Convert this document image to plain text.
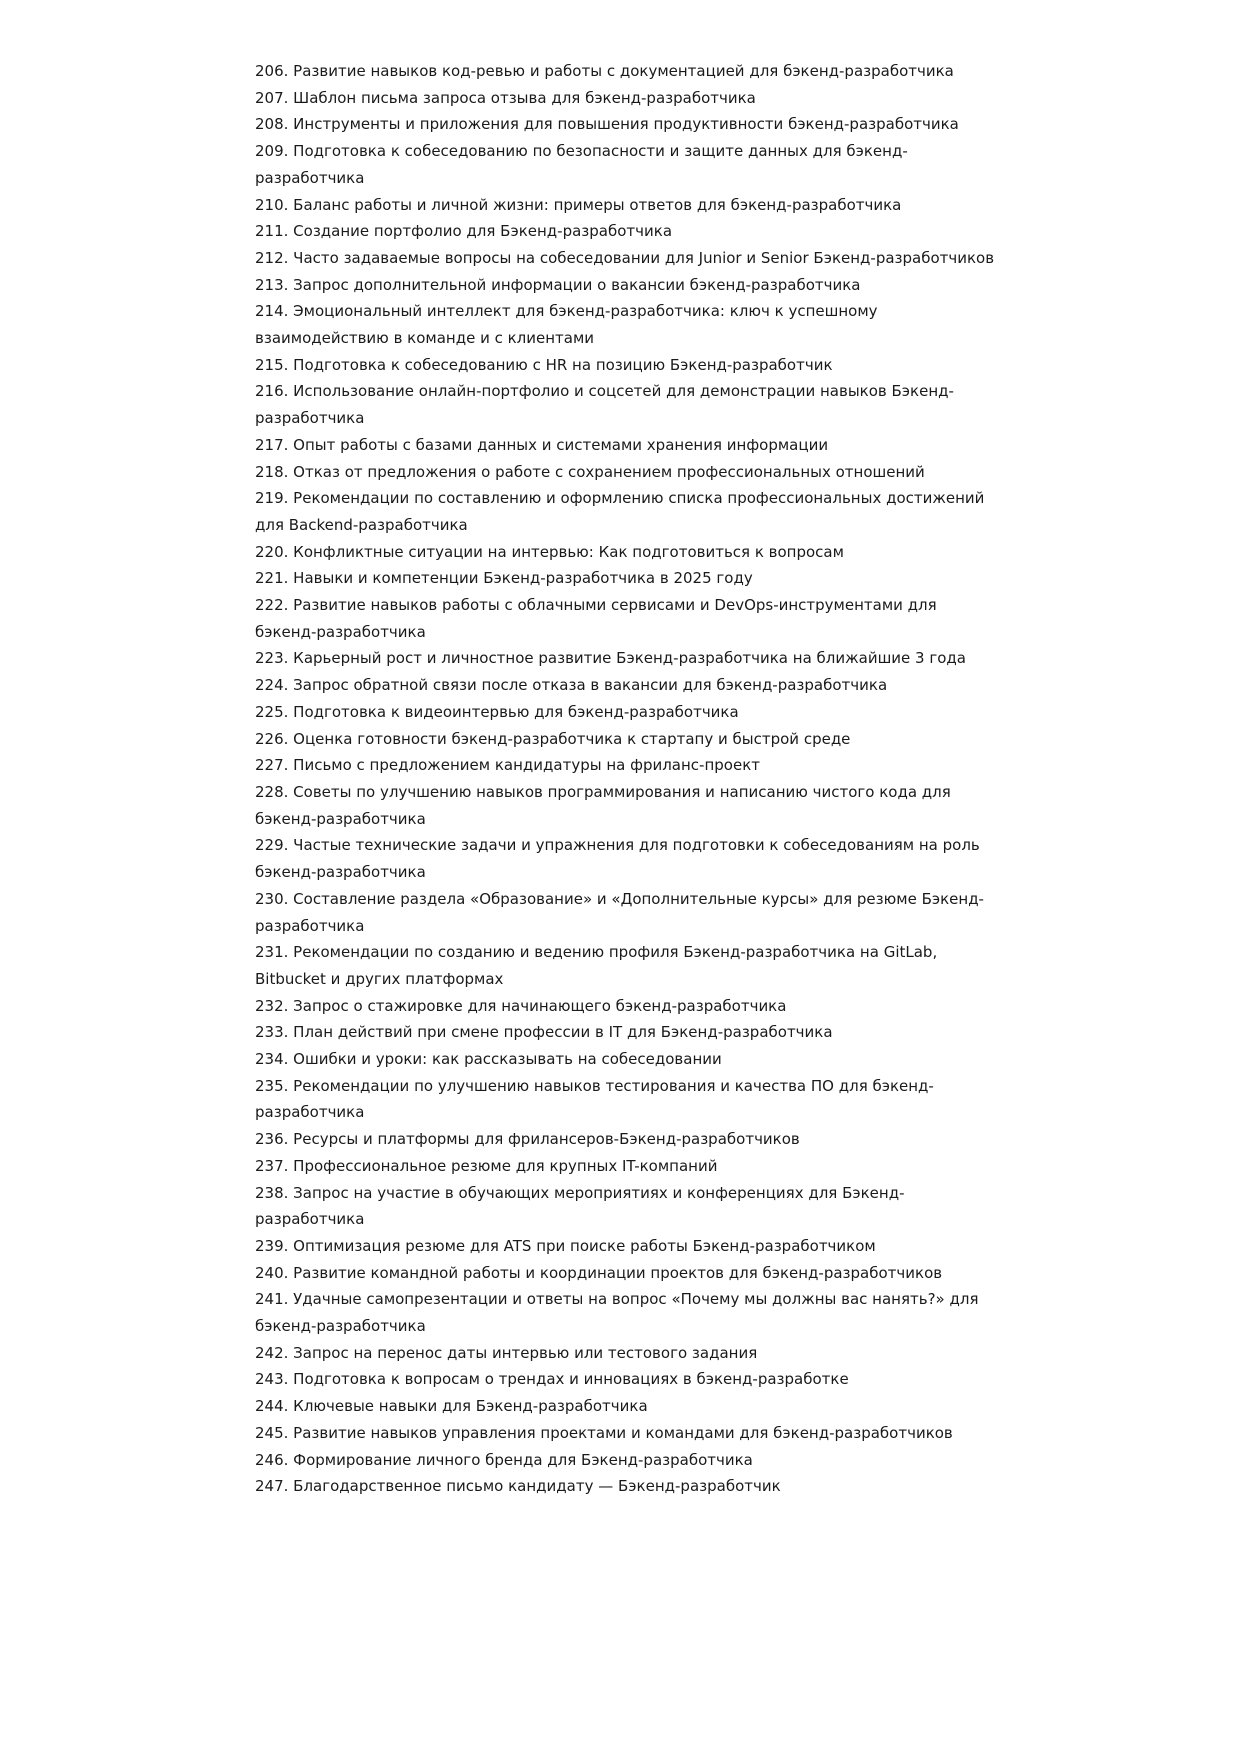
206. Развитие навыков код-ревью и работы с документацией для бэкенд-разработчика
207. Шаблон письма запроса отзыва для бэкенд-разработчика
208. Инструменты и приложения для повышения продуктивности бэкенд-разработчика
209. Подготовка к собеседованию по безопасности и защите данных для бэкенд-разработчика
210. Баланс работы и личной жизни: примеры ответов для бэкенд-разработчика
211. Создание портфолио для Бэкенд-разработчика
212. Часто задаваемые вопросы на собеседовании для Junior и Senior Бэкенд-разработчиков
213. Запрос дополнительной информации о вакансии бэкенд-разработчика
214. Эмоциональный интеллект для бэкенд-разработчика: ключ к успешному взаимодействию в команде и с клиентами
215. Подготовка к собеседованию с HR на позицию Бэкенд-разработчик
216. Использование онлайн-портфолио и соцсетей для демонстрации навыков Бэкенд-разработчика
217. Опыт работы с базами данных и системами хранения информации
218. Отказ от предложения о работе с сохранением профессиональных отношений
219. Рекомендации по составлению и оформлению списка профессиональных достижений для Backend-разработчика
220. Конфликтные ситуации на интервью: Как подготовиться к вопросам
221. Навыки и компетенции Бэкенд-разработчика в 2025 году
222. Развитие навыков работы с облачными сервисами и DevOps-инструментами для бэкенд-разработчика
223. Карьерный рост и личностное развитие Бэкенд-разработчика на ближайшие 3 года
224. Запрос обратной связи после отказа в вакансии для бэкенд-разработчика
225. Подготовка к видеоинтервью для бэкенд-разработчика
226. Оценка готовности бэкенд-разработчика к стартапу и быстрой среде
227. Письмо с предложением кандидатуры на фриланс-проект
228. Советы по улучшению навыков программирования и написанию чистого кода для бэкенд-разработчика
229. Частые технические задачи и упражнения для подготовки к собеседованиям на роль бэкенд-разработчика
230. Составление раздела «Образование» и «Дополнительные курсы» для резюме Бэкенд-разработчика
231. Рекомендации по созданию и ведению профиля Бэкенд-разработчика на GitLab, Bitbucket и других платформах
232. Запрос о стажировке для начинающего бэкенд-разработчика
233. План действий при смене профессии в IT для Бэкенд-разработчика
234. Ошибки и уроки: как рассказывать на собеседовании
235. Рекомендации по улучшению навыков тестирования и качества ПО для бэкенд-разработчика
236. Ресурсы и платформы для фрилансеров-Бэкенд-разработчиков
237. Профессиональное резюме для крупных IT-компаний
238. Запрос на участие в обучающих мероприятиях и конференциях для Бэкенд-разработчика
239. Оптимизация резюме для ATS при поиске работы Бэкенд-разработчиком
240. Развитие командной работы и координации проектов для бэкенд-разработчиков
241. Удачные самопрезентации и ответы на вопрос «Почему мы должны вас нанять?» для бэкенд-разработчика
242. Запрос на перенос даты интервью или тестового задания
243. Подготовка к вопросам о трендах и инновациях в бэкенд-разработке
244. Ключевые навыки для Бэкенд-разработчика
245. Развитие навыков управления проектами и командами для бэкенд-разработчиков
246. Формирование личного бренда для Бэкенд-разработчика
247. Благодарственное письмо кандидату — Бэкенд-разработчик
